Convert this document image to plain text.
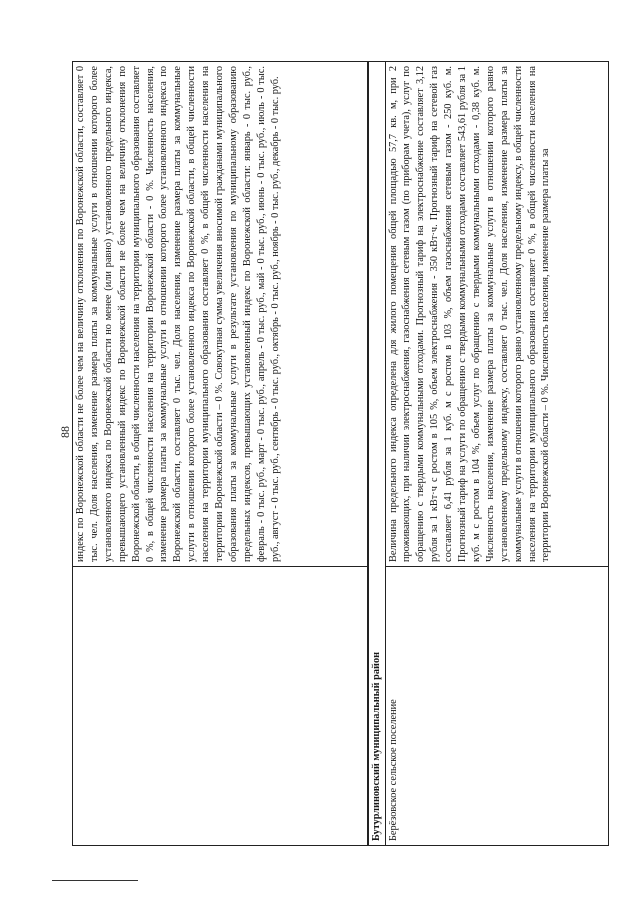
88
	индекс по Воронежской области не более чем на величину отклонения по Воронежской области, составляет 0 тыс. чел. Доля населения, изменение размера платы за коммунальные услуги в отношении которого более установленного индекса по Воронежской области но менее (или равно) установленного предельного индекса, превышающего установленный индекс по Воронежской области не более чем на величину отклонения по Воронежской области, в общей численности населения на территории муниципального образования составляет 0 %, в общей численности населения на территории Воронежской области - 0 %. Численность населения, изменение размера платы за коммунальные услуги в отношении которого более установленного индекса по Воронежской области, составляет 0 тыс. чел. Доля населения, изменение размера платы за коммунальные услуги в отношении которого более установленного индекса по Воронежской области, в общей численности населения на территории муниципального образования составляет 0 %, в общей численности населения на территории Воронежской области – 0 %. Совокупная сумма увеличения вносимой гражданами муниципального образования платы за коммунальные услуги в результате установления по муниципальному образованию предельных индексов, превышающих установленный индекс по Воронежской области: январь - 0 тыс. руб., февраль - 0 тыс. руб., март - 0 тыс. руб., апрель - 0 тыс. руб., май - 0 тыс. руб., июнь - 0 тыс. руб., июль - 0 тыс. руб., август - 0 тыс. руб., сентябрь - 0 тыс. руб., октябрь - 0 тыс. руб., ноябрь - 0 тыс. руб., декабрь - 0 тыс. руб.
Бутурлиновский муниципальный район	
Берёзовское сельское поселение	Величина предельного индекса определена для жилого помещения общей площадью 57,7 кв. м, при 2 проживающих, при наличии электроснабжения, газоснабжения сетевым газом (по приборам учета), услуг по обращению с твердыми коммунальными отходами. Прогнозный тариф на электроснабжение составляет 3,12 рубля за 1 кВт·ч с ростом в 105 %, объем электроснабжения - 350 кВт·ч. Прогнозный тариф на сетевой газ составляет 6,41 рубля за 1 куб. м с ростом в 103 %, объем газоснабжения сетевым газом - 250 куб. м. Прогнозный тариф на услуги по обращению с твердыми коммунальными отходами составляет 543,61 рубля за 1 куб. м с ростом в 104 %, объем услуг по обращению с твердыми коммунальными отходами - 0,38 куб. м. Численность населения, изменение размера платы за коммунальные услуги в отношении которого равно установленному предельному индексу, составляет 0 тыс. чел. Доля населения, изменение размера платы за коммунальные услуги в отношении которого равно установленному предельному индексу, в общей численности населения на территории муниципального образования составляет 0 %, в общей численности населения на территории Воронежской области – 0 %. Численность населения, изменение размера платы за
